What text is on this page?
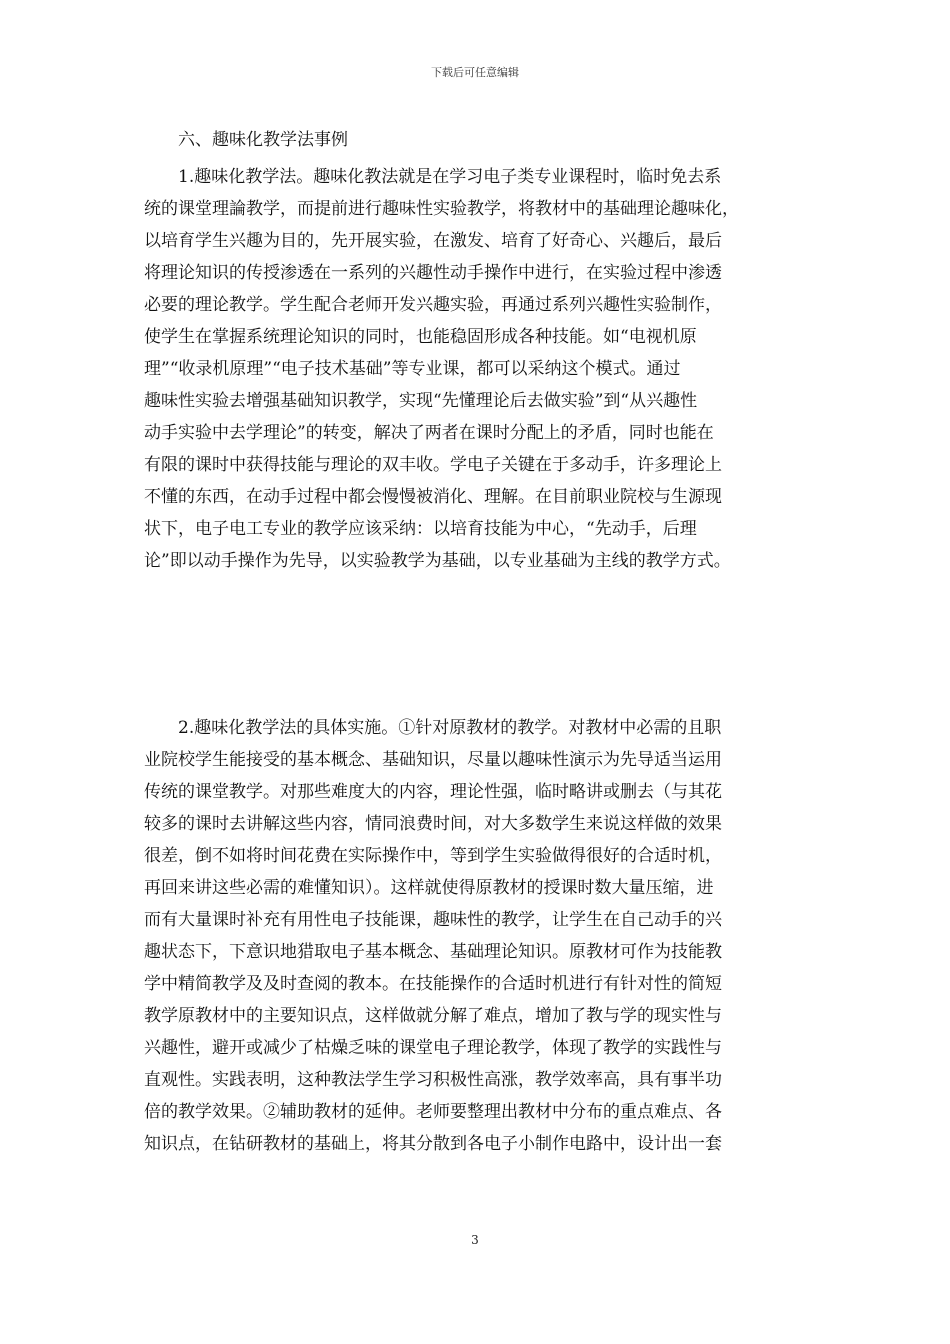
下载后可任意编辑
六、趣味化教学法事例
1.趣味化教学法。趣味化教法就是在学习电子类专业课程时，临时免去系
统的课堂理論教学，而提前进行趣味性实验教学，将教材中的基础理论趣味化，
以培育学生兴趣为目的，先开展实验，在激发、培育了好奇心、兴趣后，最后
将理论知识的传授渗透在一系列的兴趣性动手操作中进行，在实验过程中渗透
必要的理论教学。学生配合老师开发兴趣实验，再通过系列兴趣性实验制作，
使学生在掌握系统理论知识的同时，也能稳固形成各种技能。如“电视机原
理”“收录机原理”“电子技术基础”等专业课，都可以采纳这个模式。通过
趣味性实验去增强基础知识教学，实现“先懂理论后去做实验”到“从兴趣性
动手实验中去学理论”的转变，解决了两者在课时分配上的矛盾，同时也能在
有限的课时中获得技能与理论的双丰收。学电子关键在于多动手，许多理论上
不懂的东西，在动手过程中都会慢慢被消化、理解。在目前职业院校与生源现
状下，电子电工专业的教学应该采纳：以培育技能为中心，“先动手，后理
论”即以动手操作为先导，以实验教学为基础，以专业基础为主线的教学方式。
2.趣味化教学法的具体实施。①针对原教材的教学。对教材中必需的且职
业院校学生能接受的基本概念、基础知识，尽量以趣味性演示为先导适当运用
传统的课堂教学。对那些难度大的内容，理论性强，临时略讲或删去（与其花
较多的课时去讲解这些内容，情同浪费时间，对大多数学生来说这样做的效果
很差，倒不如将时间花费在实际操作中，等到学生实验做得很好的合适时机，
再回来讲这些必需的难懂知识）。这样就使得原教材的授课时数大量压缩，进
而有大量课时补充有用性电子技能课，趣味性的教学，让学生在自己动手的兴
趣状态下，下意识地猎取电子基本概念、基础理论知识。原教材可作为技能教
学中精简教学及及时查阅的教本。在技能操作的合适时机进行有针对性的简短
教学原教材中的主要知识点，这样做就分解了难点，增加了教与学的现实性与
兴趣性，避开或减少了枯燥乏味的课堂电子理论教学，体现了教学的实践性与
直观性。实践表明，这种教法学生学习积极性高涨，教学效率高，具有事半功
倍的教学效果。②辅助教材的延伸。老师要整理出教材中分布的重点难点、各
知识点，在钻研教材的基础上，将其分散到各电子小制作电路中，设计出一套
3
